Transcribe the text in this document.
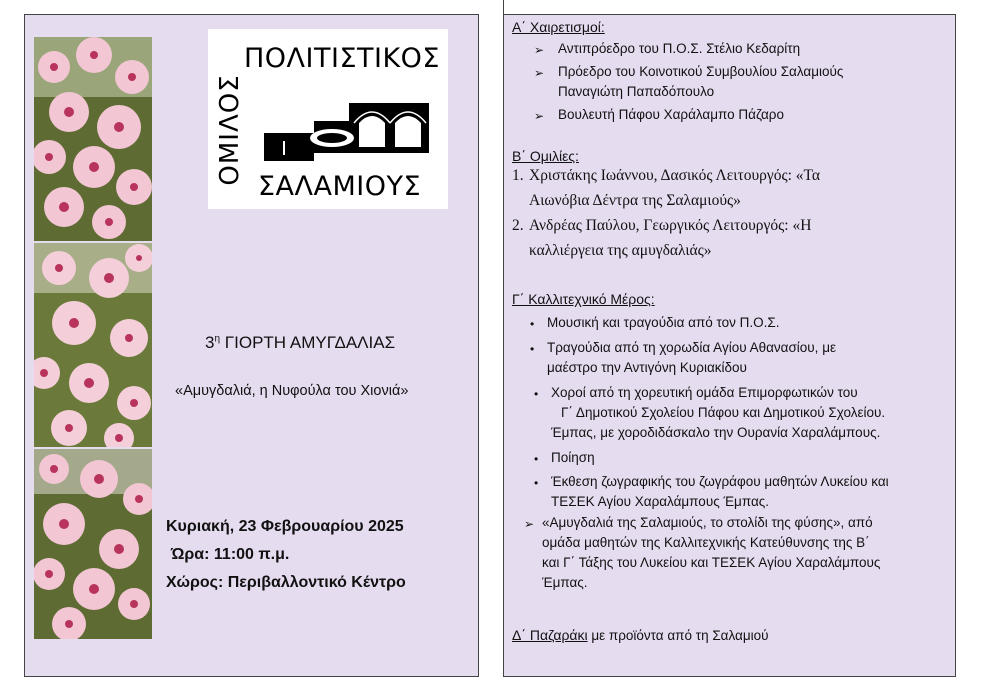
ΠΟΛΙΤΙΣΤΙΚΟΣ
ΟΜΙΛΟΣ
ΣΑΛΑΜΙΟΥΣ
$3^\eta$ ΓΙΟΡΤΗ ΑΜΥΓΔΑΛΙΑΣ
«Αμυγδαλιά, η Νυφούλα του Χιονιά»
Κυριακή, 23 Φεβρουαρίου 2025
Ώρα: 11:00 π.μ.
Χώρος: Περιβαλλοντικό Κέντρο
Α΄ Χαιρετισμοί:
➢ Αντιπρόεδρο του Π.Ο.Σ. Στέλιο Κεδαρίτη
➢ Πρόεδρο του Κοινοτικού Συμβουλίου Σαλαμιούς
Παναγιώτη Παπαδόπουλο
➢ Βουλευτή Πάφου Χαράλαμπο Πάζαρο
Β΄ Ομιλίες:
1. Χριστάκης Ιωάννου, Δασικός Λειτουργός: «Τα
Αιωνόβια Δέντρα της Σαλαμιούς»
2. Ανδρέας Παύλου, Γεωργικός Λειτουργός: «Η
καλλιέργεια της αμυγδαλιάς»
Γ΄ Καλλιτεχνικό Μέρος:
• Μουσική και τραγούδια από τον Π.Ο.Σ.
• Τραγούδια από τη χορωδία Αγίου Αθανασίου, με
μαέστρο την Αντιγόνη Κυριακίδου
• Χοροί από τη χορευτική ομάδα Επιμορφωτικών του
Γ΄ Δημοτικού Σχολείου Πάφου και Δημοτικού Σχολείου.
Έμπας, με χοροδιδάσκαλο την Ουρανία Χαραλάμπους.
• Ποίηση
• Έκθεση ζωγραφικής του ζωγράφου μαθητών Λυκείου και
ΤΕΣΕΚ Αγίου Χαραλάμπους Έμπας.
➢ «Αμυγδαλιά της Σαλαμιούς, το στολίδι της φύσης», από
ομάδα μαθητών της Καλλιτεχνικής Κατεύθυνσης της Β΄
και Γ΄ Τάξης του Λυκείου και ΤΕΣΕΚ Αγίου Χαραλάμπους
Έμπας.
Δ΄ Παζαράκι με προϊόντα από τη Σαλαμιού
